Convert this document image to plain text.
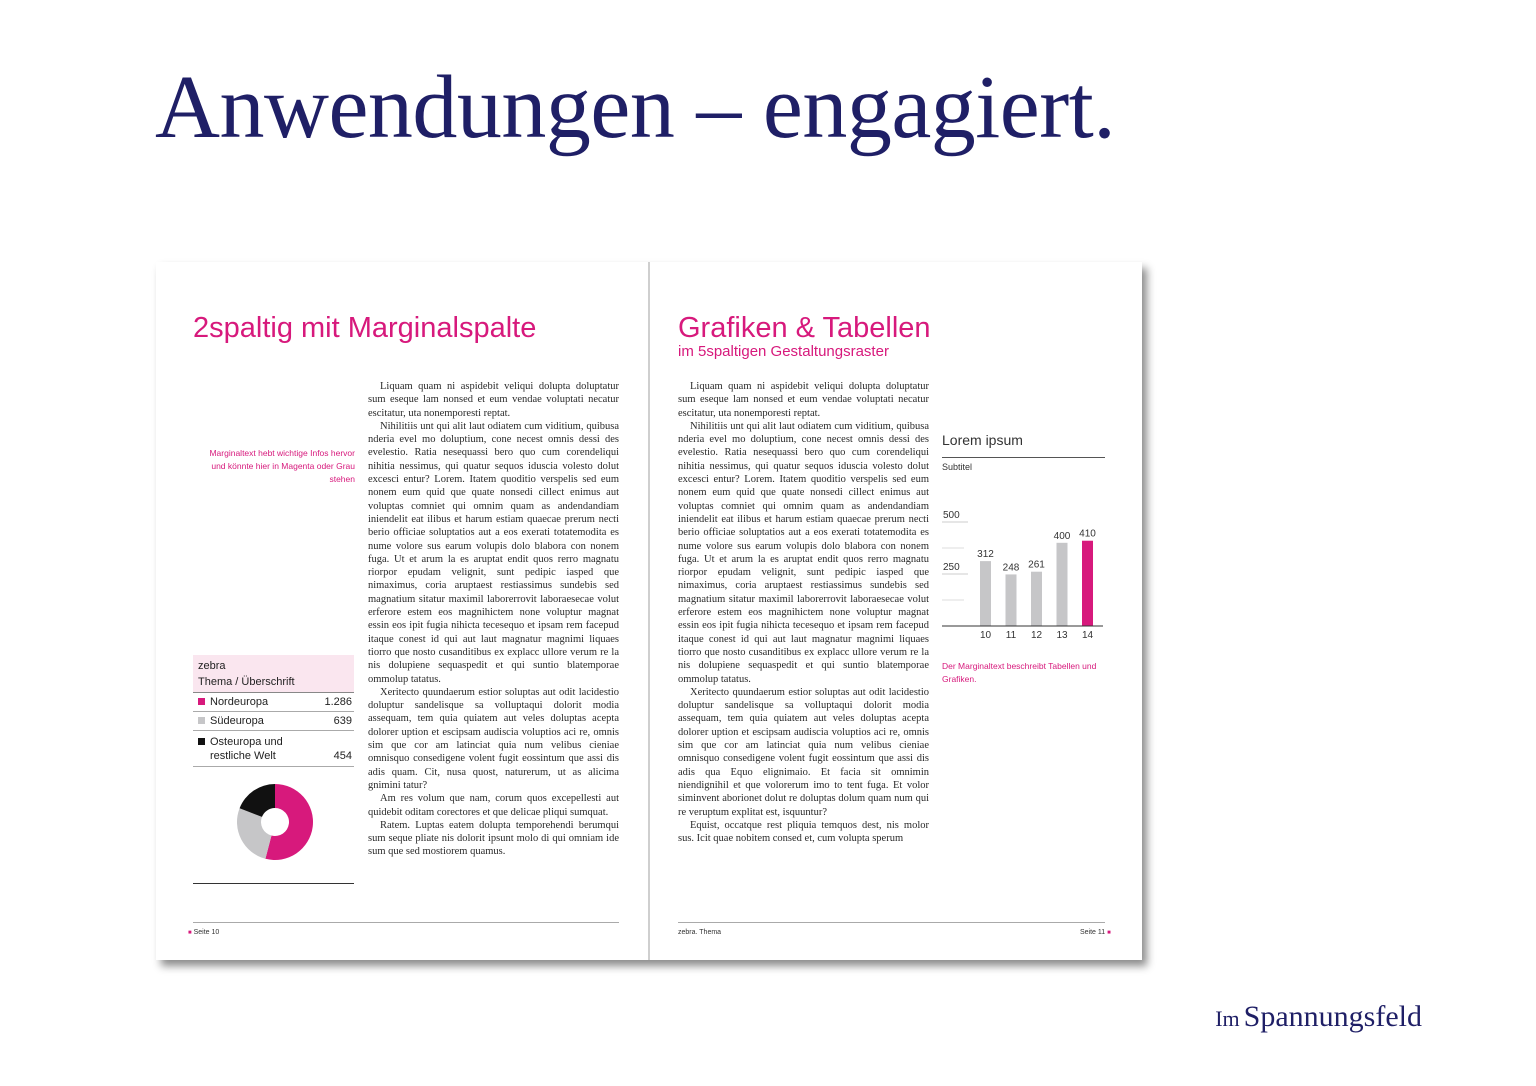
Anwendungen – engagiert.
2spaltig mit Marginalspalte
Marginaltext hebt wichtige Infos hervor und könnte hier in Magenta oder Grau stehen

Liquam quam ni aspidebit veliqui dolupta doluptatur sum eseque lam nonsed et eum vendae voluptati necatur escitatur, uta nonemporesti reptat.

Nihilitiis unt qui alit laut odiatem cum viditium, quibusa nderia evel mo doluptium, cone necest omnis dessi des evelestio. Ratia nesequassi bero quo cum corendeliqui nihitia nessimus, qui quatur sequos iduscia volesto dolut excesci entur? Lorem. Itatem quoditio verspelis sed eum nonem eum quid que quate nonsedi cillect enimus aut voluptas comniet qui omnim quam as andendandiam iniendelit eat ilibus et harum estiam quaecae prerum necti berio officiae soluptatios aut a eos exerati totatemodita es nume volore sus earum volupis dolo blabora con nonem fuga. Ut et arum la es aruptat endit quos rerro magnatu riorpor epudam velignit, sunt pedipic iasped que nimaximus, coria aruptaest restiassimus sundebis sed magnatium sitatur maximil laborerrovit laboraesecae volut erferore estem eos magnihictem none voluptur magnat essin eos ipit fugia nihicta tecesequo et ipsam rem facepud itaque conest id qui aut laut magnatur magnimi liquaes tiorro que nosto cusanditibus ex explacc ullore verum re la nis dolupiene sequaspedit et qui suntio blatemporae ommolup tatatus.

Xeritecto quundaerum estior soluptas aut odit lacidestio doluptur sandelisque sa volluptaqui dolorit modia assequam, tem quia quiatem aut veles doluptas acepta dolorer uption et escipsam audiscia voluptios aci re, omnis sim que cor am latinciat quia num velibus cieniae omnisquo consedigene volent fugit eossintum que assi dis adis quam. Cit, nusa quost, naturerum, ut as alicima gnimini tatur?

Am res volum que nam, corum quos excepellesti aut quidebit oditam corectores et que delicae pliqui sumquat.

Ratem. Luptas eatem dolupta temporehendi berumqui sum seque pliate nis dolorit ipsunt molo di qui omniam ide sum que sed mostiorem quamus.

zebra
Thema / Überschrift
Nordeuropa	1.286
Südeuropa	639
Osteuropa und restliche Welt	454
■ Seite 10
Grafiken & Tabellen
im 5spaltigen Gestaltungsraster

Liquam quam ni aspidebit veliqui dolupta doluptatur sum eseque lam nonsed et eum vendae voluptati necatur escitatur, uta nonemporesti reptat.

Nihilitiis unt qui alit laut odiatem cum viditium, quibusa nderia evel mo doluptium, cone necest omnis dessi des evelestio. Ratia nesequassi bero quo cum corendeliqui nihitia nessimus, qui quatur sequos iduscia volesto dolut excesci entur? Lorem. Itatem quoditio verspelis sed eum nonem eum quid que quate nonsedi cillect enimus aut voluptas comniet qui omnim quam as andendandiam iniendelit eat ilibus et harum estiam quaecae prerum necti berio officiae soluptatios aut a eos exerati totatemodita es nume volore sus earum volupis dolo blabora con nonem fuga. Ut et arum la es aruptat endit quos rerro magnatu riorpor epudam velignit, sunt pedipic iasped que nimaximus, coria aruptaest restiassimus sundebis sed magnatium sitatur maximil laborerrovit laboraesecae volut erferore estem eos magnihictem none voluptur magnat essin eos ipit fugia nihicta tecesequo et ipsam rem facepud itaque conest id qui aut laut magnatur magnimi liquaes tiorro que nosto cusanditibus ex explacc ullore verum re la nis dolupiene sequaspedit et qui suntio blatemporae ommolup tatatus.

Xeritecto quundaerum estior soluptas aut odit lacidestio doluptur sandelisque sa volluptaqui dolorit modia assequam, tem quia quiatem aut veles doluptas acepta dolorer uption et escipsam audiscia voluptios aci re, omnis sim que cor am latinciat quia num velibus cieniae omnisquo consedigene volent fugit eossintum que assi dis adis qua Equo elignimaio. Et facia sit omnimin niendignihil et que volorerum imo to tent fuga. Et volor siminvent aborionet dolut re doluptas dolum quam num qui re veruptum explitat est, isquuntur?

Equist, occatque rest pliquia temquos dest, nis molor sus. Icit quae nobitem consed et, cum volupta sperum

Lorem ipsum
Subtitel
250
500
312
10
248
11
261
12
400
13
410
14
Der Marginaltext beschreibt Tabellen und Grafiken.
zebra. Thema	Seite 11 ■
Im Spannungsfeld
